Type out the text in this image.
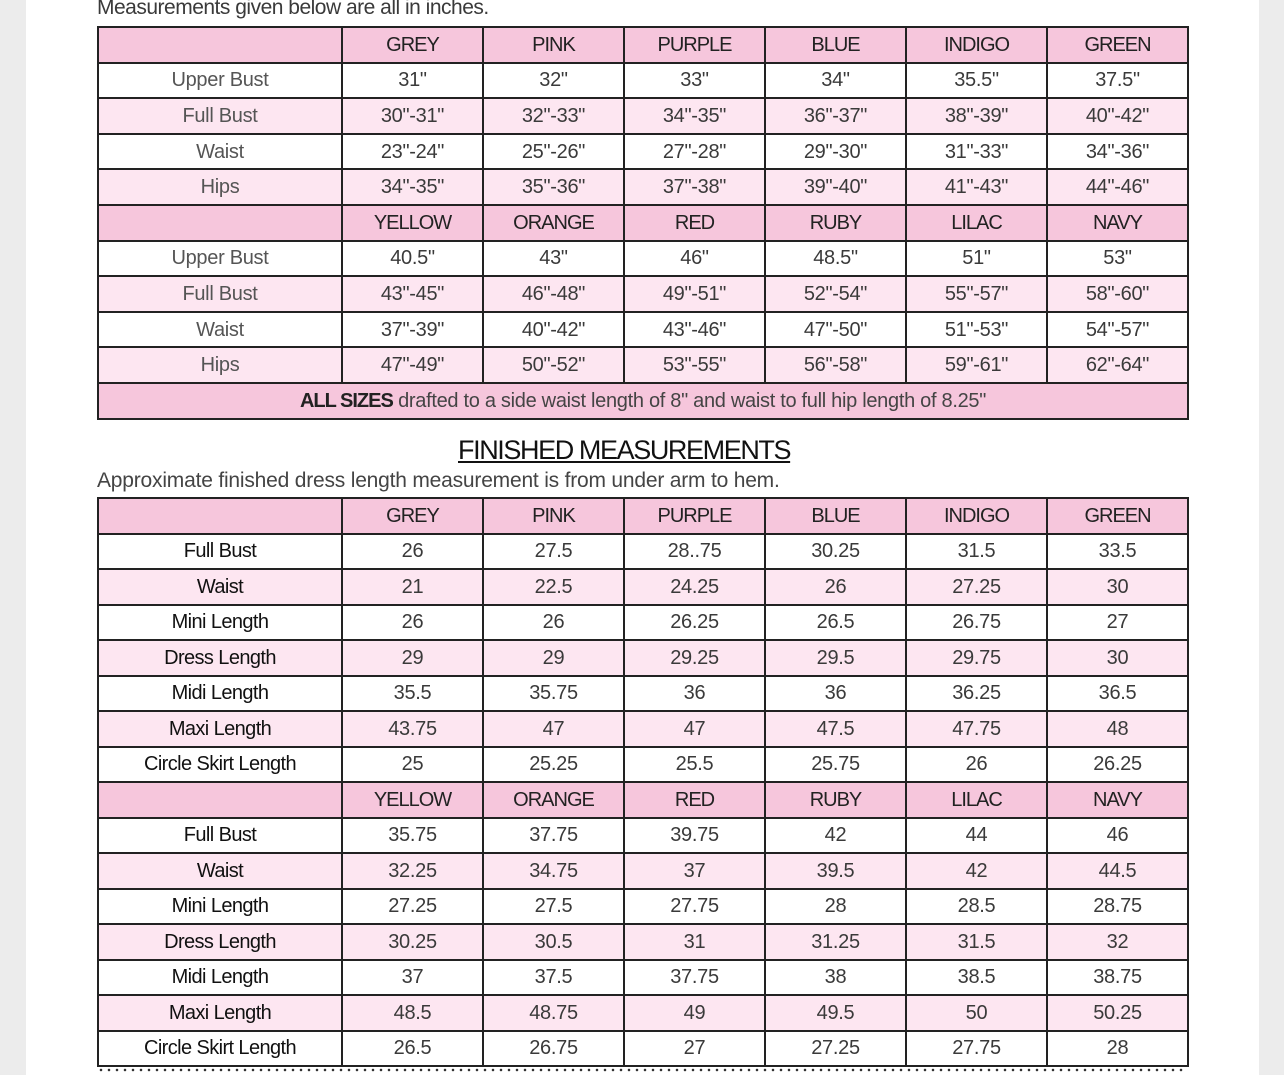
Measurements given below are all in inches.
	GREY	PINK	PURPLE	BLUE	INDIGO	GREEN
Upper Bust	31"	32"	33"	34"	35.5"	37.5"
Full Bust	30"-31"	32"-33"	34"-35"	36"-37"	38"-39"	40"-42"
Waist	23"-24"	25"-26"	27"-28"	29"-30"	31"-33"	34"-36"
Hips	34"-35"	35"-36"	37"-38"	39"-40"	41"-43"	44"-46"
	YELLOW	ORANGE	RED	RUBY	LILAC	NAVY
Upper Bust	40.5"	43"	46"	48.5"	51"	53"
Full Bust	43"-45"	46"-48"	49"-51"	52"-54"	55"-57"	58"-60"
Waist	37"-39"	40"-42"	43"-46"	47"-50"	51"-53"	54"-57"
Hips	47"-49"	50"-52"	53"-55"	56"-58"	59"-61"	62"-64"
ALL SIZES drafted to a side waist length of 8" and waist to full hip length of 8.25"						
FINISHED MEASUREMENTS
Approximate finished dress length measurement is from under arm to hem.
	GREY	PINK	PURPLE	BLUE	INDIGO	GREEN
Full Bust	26	27.5	28..75	30.25	31.5	33.5
Waist	21	22.5	24.25	26	27.25	30
Mini Length	26	26	26.25	26.5	26.75	27
Dress Length	29	29	29.25	29.5	29.75	30
Midi Length	35.5	35.75	36	36	36.25	36.5
Maxi Length	43.75	47	47	47.5	47.75	48
Circle Skirt Length	25	25.25	25.5	25.75	26	26.25
	YELLOW	ORANGE	RED	RUBY	LILAC	NAVY
Full Bust	35.75	37.75	39.75	42	44	46
Waist	32.25	34.75	37	39.5	42	44.5
Mini Length	27.25	27.5	27.75	28	28.5	28.75
Dress Length	30.25	30.5	31	31.25	31.5	32
Midi Length	37	37.5	37.75	38	38.5	38.75
Maxi Length	48.5	48.75	49	49.5	50	50.25
Circle Skirt Length	26.5	26.75	27	27.25	27.75	28
